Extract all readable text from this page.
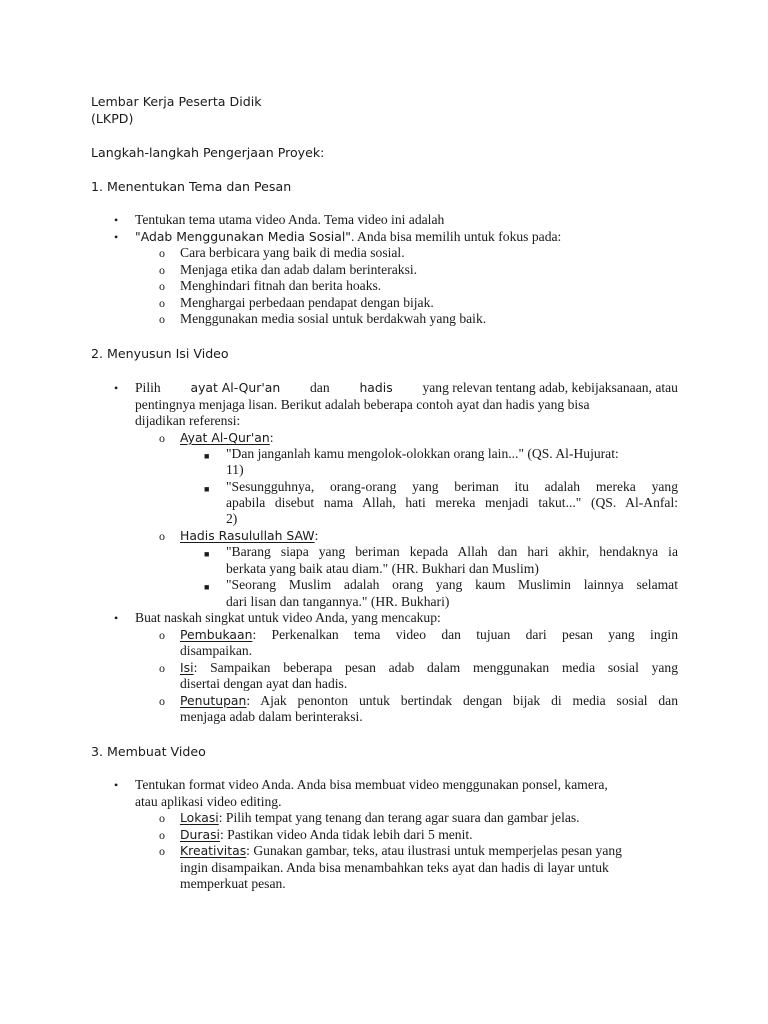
Lembar Kerja Peserta Didik
(LKPD)
Langkah-langkah Pengerjaan Proyek:
1. Menentukan Tema dan Pesan
• Tentukan tema utama video Anda. Tema video ini adalah
• "Adab Menggunakan Media Sosial". Anda bisa memilih untuk fokus pada:
o Cara berbicara yang baik di media sosial.
o Menjaga etika dan adab dalam berinteraksi.
o Menghindari fitnah dan berita hoaks.
o Menghargai perbedaan pendapat dengan bijak.
o Menggunakan media sosial untuk berdakwah yang baik.
2. Menyusun Isi Video
• Pilih ayat Al-Qur'an dan hadis yang relevan tentang adab, kebijaksanaan, atau
pentingnya menjaga lisan. Berikut adalah beberapa contoh ayat dan hadis yang bisa
dijadikan referensi:
o Ayat Al-Qur'an:
■ "Dan janganlah kamu mengolok-olokkan orang lain..." (QS. Al-Hujurat:
11)
■ "Sesungguhnya, orang-orang yang beriman itu adalah mereka yang
apabila disebut nama Allah, hati mereka menjadi takut..." (QS. Al-Anfal:
2)
o Hadis Rasulullah SAW:
■ "Barang siapa yang beriman kepada Allah dan hari akhir, hendaknya ia
berkata yang baik atau diam." (HR. Bukhari dan Muslim)
■ "Seorang Muslim adalah orang yang kaum Muslimin lainnya selamat
dari lisan dan tangannya." (HR. Bukhari)
• Buat naskah singkat untuk video Anda, yang mencakup:
o Pembukaan: Perkenalkan tema video dan tujuan dari pesan yang ingin
disampaikan.
o Isi: Sampaikan beberapa pesan adab dalam menggunakan media sosial yang
disertai dengan ayat dan hadis.
o Penutupan: Ajak penonton untuk bertindak dengan bijak di media sosial dan
menjaga adab dalam berinteraksi.
3. Membuat Video
• Tentukan format video Anda. Anda bisa membuat video menggunakan ponsel, kamera,
atau aplikasi video editing.
o Lokasi: Pilih tempat yang tenang dan terang agar suara dan gambar jelas.
o Durasi: Pastikan video Anda tidak lebih dari 5 menit.
o Kreativitas: Gunakan gambar, teks, atau ilustrasi untuk memperjelas pesan yang
ingin disampaikan. Anda bisa menambahkan teks ayat dan hadis di layar untuk
memperkuat pesan.
